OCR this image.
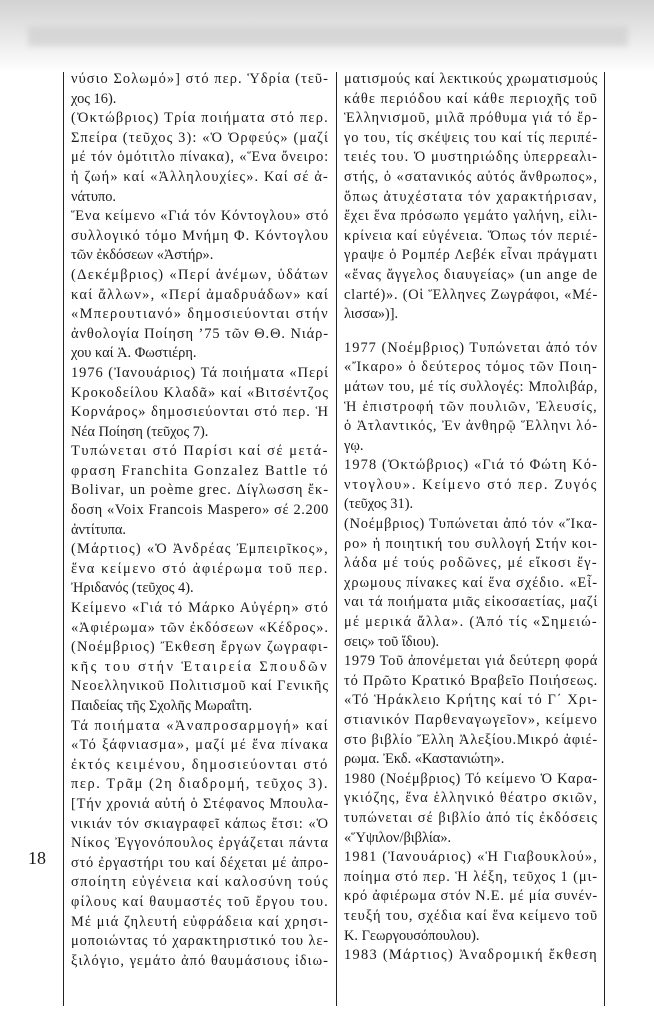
18
νύσιο Σολωμό»] στό περ. Ὑδρία (τεῦ-
χος 16).
(Ὀκτώβριος) Τρία ποιήματα στό περ.
Σπείρα (τεῦχος 3): «Ὁ Ὀρφεύς» (μαζί
μέ τόν ὁμότιτλο πίνακα), «Ἕνα ὄνειρο:
ἡ ζωή» καί «Ἀλληλουχίες». Καί σέ ἀ-
νάτυπο.
Ἕνα κείμενο «Γιά τόν Κόντογλου» στό
συλλογικό τόμο Μνήμη Φ. Κόντογλου
τῶν ἐκδόσεων «Ἀστήρ».
(Δεκέμβριος) «Περί ἀνέμων, ὑδάτων
καί ἄλλων», «Περί ἀμαδρυάδων» καί
«Μπερουτιανό» δημοσιεύονται στήν
ἀνθολογία Ποίηση ’75 τῶν Θ.Θ. Νιάρ-
χου καί Ἀ. Φωστιέρη.
1976 (Ἰανουάριος) Τά ποιήματα «Περί
Κροκοδείλου Κλαδᾶ» καί «Βιτσέντζος
Κορνάρος» δημοσιεύονται στό περ. Ἡ
Νέα Ποίηση (τεῦχος 7).
Τυπώνεται στό Παρίσι καί σέ μετά-
φραση Franchita Gonzalez Battle τό
Bolivar, un poème grec. Δίγλωσση ἔκ-
δοση «Voix Francois Maspero» σέ 2.200
ἀντίτυπα.
(Μάρτιος) «Ὁ Ἀνδρέας Ἐμπειρῖκος»,
ἕνα κείμενο στό ἀφιέρωμα τοῦ περ.
Ἠριδανός (τεῦχος 4).
Κείμενο «Γιά τό Μάρκο Αὐγέρη» στό
«Ἀφιέρωμα» τῶν ἐκδόσεων «Κέδρος».
(Νοέμβριος) Ἔκθεση ἔργων ζωγραφι-
κῆς του στήν Ἑταιρεία Σπουδῶν
Νεοελληνικοῦ Πολιτισμοῦ καί Γενικῆς
Παιδείας τῆς Σχολῆς Μωραΐτη.
Τά ποιήματα «Ἀναπροσαρμογή» καί
«Τό ξάφνιασμα», μαζί μέ ἕνα πίνακα
ἐκτός κειμένου, δημοσιεύονται στό
περ. Τρᾶμ (2η διαδρομή, τεῦχος 3).
[Τήν χρονιά αὐτή ὁ Στέφανος Μπουλα-
νικιάν τόν σκιαγραφεῖ κάπως ἔτσι: «Ὁ
Νίκος Ἐγγονόπουλος ἐργάζεται πάντα
στό ἐργαστήρι του καί δέχεται μέ ἀπρο-
σποίητη εὐγένεια καί καλοσύνη τούς
φίλους καί θαυμαστές τοῦ ἔργου του.
Μέ μιά ζηλευτή εὐφράδεια καί χρησι-
μοποιώντας τό χαρακτηριστικό του λε-
ξιλόγιο, γεμάτο ἀπό θαυμάσιους ἰδιω-
ματισμούς καί λεκτικούς χρωματισμούς
κάθε περιόδου καί κάθε περιοχῆς τοῦ
Ἑλληνισμοῦ, μιλᾶ πρόθυμα γιά τό ἔρ-
γο του, τίς σκέψεις του καί τίς περιπέ-
τειές του. Ὁ μυστηριώδης ὑπερρεαλι-
στής, ὁ «σατανικός αὐτός ἄνθρωπος»,
ὅπως ἀτυχέστατα τόν χαρακτήρισαν,
ἔχει ἕνα πρόσωπο γεμάτο γαλήνη, εἰλι-
κρίνεια καί εὐγένεια. Ὅπως τόν περιέ-
γραψε ὁ Ρομπέρ Λεβέκ εἶναι πράγματι
«ἕνας ἄγγελος διαυγείας» (un ange de
clarté)». (Οἱ Ἕλληνες Ζωγράφοι, «Μέ-
λισσα»)].
1977 (Νοέμβριος) Τυπώνεται ἀπό τόν
«Ἴκαρο» ὁ δεύτερος τόμος τῶν Ποιη-
μάτων του, μέ τίς συλλογές: Μπολιβάρ,
Ἡ ἐπιστροφή τῶν πουλιῶν, Ἐλευσίς,
ὁ Ἀτλαντικός, Ἐν ἀνθηρῷ Ἕλληνι λό-
γῳ.
1978 (Ὀκτώβριος) «Γιά τό Φώτη Κό-
ντογλου». Κείμενο στό περ. Ζυγός
(τεῦχος 31).
(Νοέμβριος) Τυπώνεται ἀπό τόν «Ἴκα-
ρο» ἡ ποιητική του συλλογή Στήν κοι-
λάδα μέ τούς ροδῶνες, μέ εἴκοσι ἔγ-
χρωμους πίνακες καί ἕνα σχέδιο. «Εἶ-
ναι τά ποιήματα μιᾶς εἰκοσαετίας, μαζί
μέ μερικά ἄλλα». (Ἀπό τίς «Σημειώ-
σεις» τοῦ ἴδιου).
1979 Τοῦ ἀπονέμεται γιά δεύτερη φορά
τό Πρῶτο Κρατικό Βραβεῖο Ποιήσεως.
«Τό Ἡράκλειο Κρήτης καί τό Γ΄ Χρι-
στιανικόν Παρθεναγωγεῖον», κείμενο
στο βιβλίο Ἔλλη Ἀλεξίου.Μικρό ἀφιέ-
ρωμα. Ἐκδ. «Καστανιώτη».
1980 (Νοέμβριος) Τό κείμενο Ὁ Καρα-
γκιόζης, ἕνα ἑλληνικό θέατρο σκιῶν,
τυπώνεται σέ βιβλίο ἀπό τίς ἐκδόσεις
«Ὕψιλον/βιβλία».
1981 (Ἰανουάριος) «Ἡ Γιαβουκλού»,
ποίημα στό περ. Ἡ λέξη, τεῦχος 1 (μι-
κρό ἀφιέρωμα στόν Ν.Ε. μέ μία συνέν-
τευξή του, σχέδια καί ἕνα κείμενο τοῦ
Κ. Γεωργουσόπουλου).
1983 (Μάρτιος) Ἀναδρομική ἔκθεση
